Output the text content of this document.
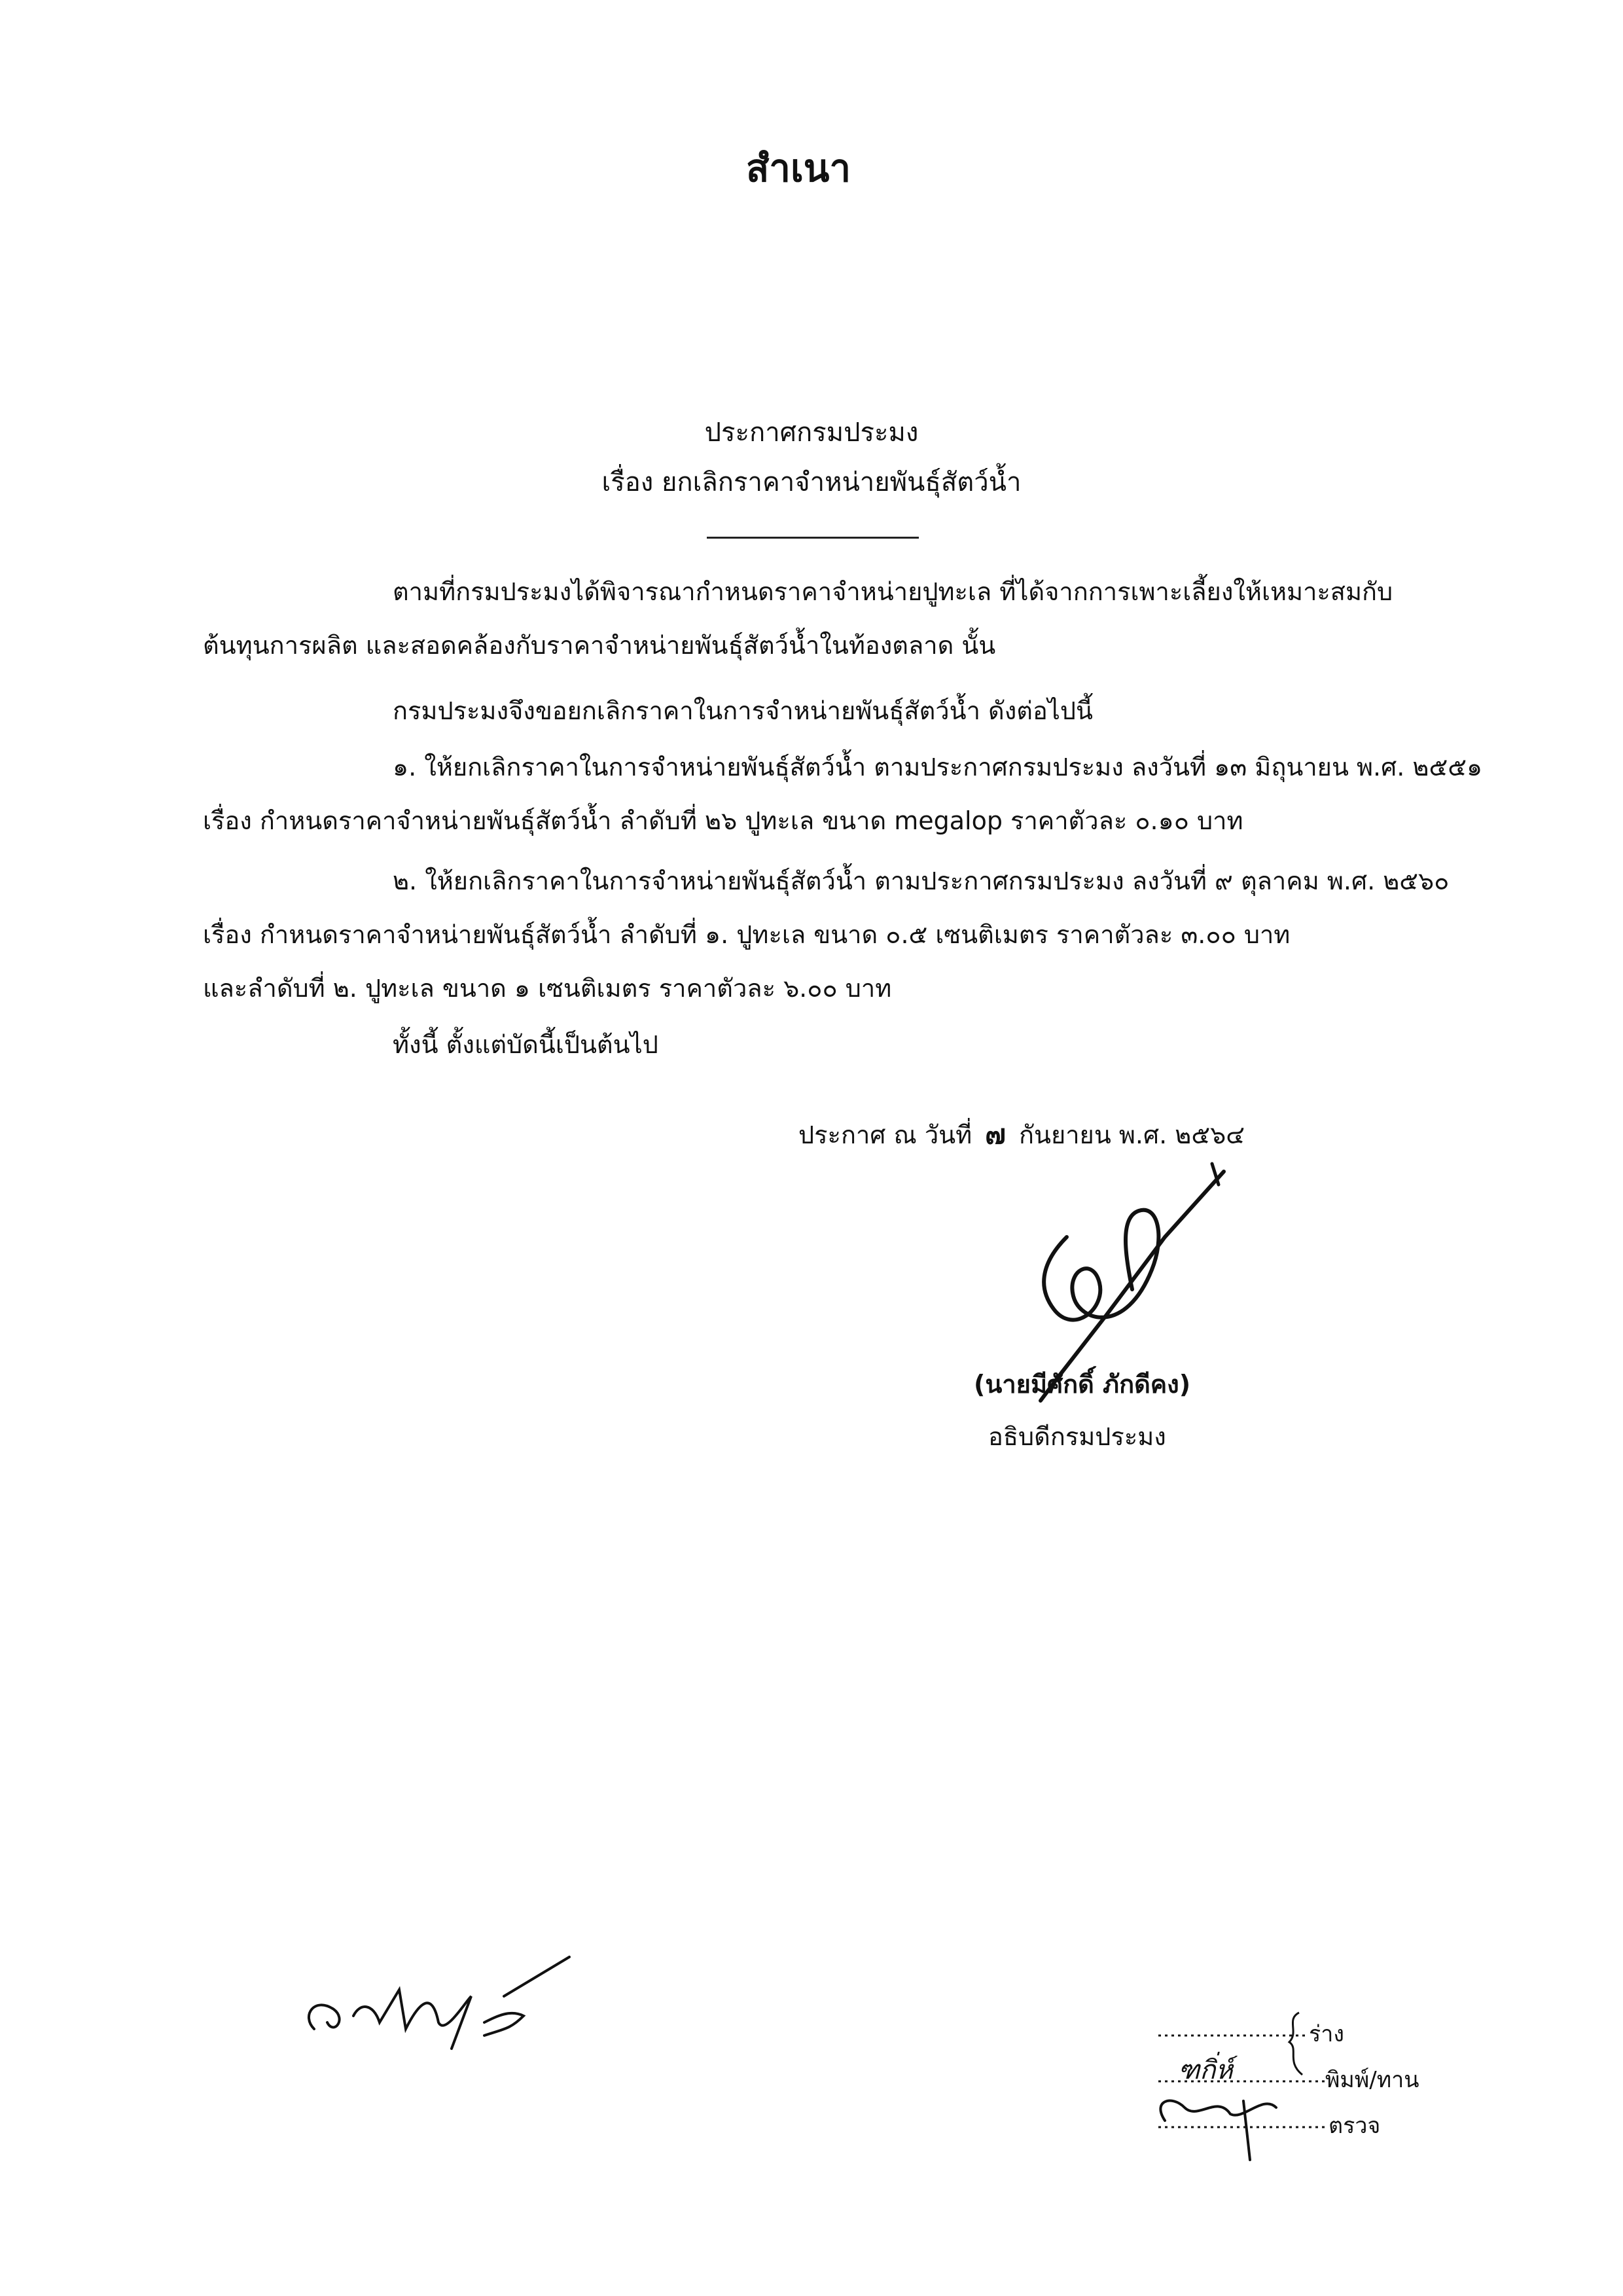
สำเนา
ประกาศกรมประมง
เรื่อง ยกเลิกราคาจำหน่ายพันธุ์สัตว์น้ำ
ตามที่กรมประมงได้พิจารณากำหนดราคาจำหน่ายปูทะเล ที่ได้จากการเพาะเลี้ยงให้เหมาะสมกับ
ต้นทุนการผลิต และสอดคล้องกับราคาจำหน่ายพันธุ์สัตว์น้ำในท้องตลาด นั้น
กรมประมงจึงขอยกเลิกราคาในการจำหน่ายพันธุ์สัตว์น้ำ ดังต่อไปนี้
๑. ให้ยกเลิกราคาในการจำหน่ายพันธุ์สัตว์น้ำ ตามประกาศกรมประมง ลงวันที่ ๑๓ มิถุนายน พ.ศ. ๒๕๕๑
เรื่อง กำหนดราคาจำหน่ายพันธุ์สัตว์น้ำ ลำดับที่ ๒๖ ปูทะเล ขนาด megalop ราคาตัวละ ๐.๑๐ บาท
๒. ให้ยกเลิกราคาในการจำหน่ายพันธุ์สัตว์น้ำ ตามประกาศกรมประมง ลงวันที่ ๙ ตุลาคม พ.ศ. ๒๕๖๐
เรื่อง กำหนดราคาจำหน่ายพันธุ์สัตว์น้ำ ลำดับที่ ๑. ปูทะเล ขนาด ๐.๕ เซนติเมตร ราคาตัวละ ๓.๐๐ บาท
และลำดับที่ ๒. ปูทะเล ขนาด ๑ เซนติเมตร ราคาตัวละ ๖.๐๐ บาท
ทั้งนี้ ตั้งแต่บัดนี้เป็นต้นไป
ประกาศ ณ วันที่ ๗ กันยายน พ.ศ. ๒๕๖๔
(นายมีศักดิ์ ภักดีคง)
อธิบดีกรมประมง
ร่าง
ฑกิ่ห์	พิมพ์/ทาน
ตรวจ
